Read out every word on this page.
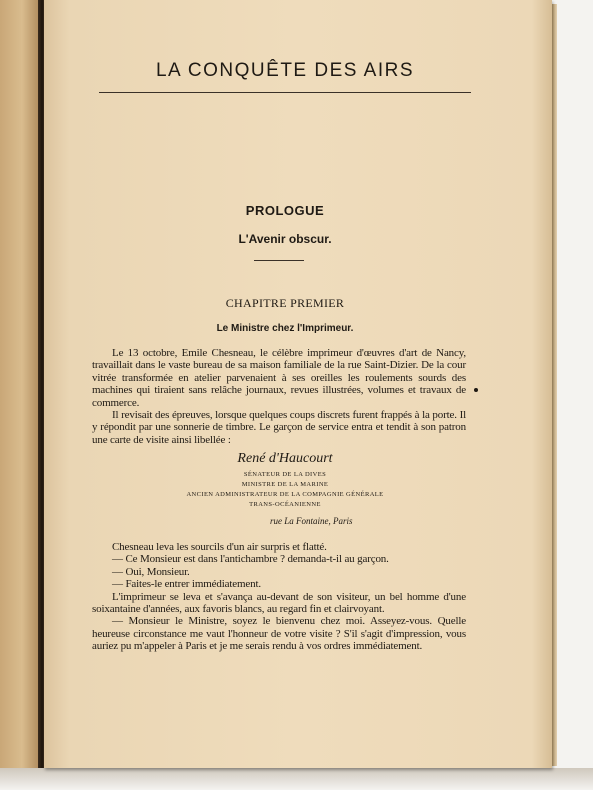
LA CONQUÊTE DES AIRS
PROLOGUE
L'Avenir obscur.
CHAPITRE PREMIER
Le Ministre chez l'Imprimeur.

Le 13 octobre, Emile Chesneau, le célèbre imprimeur d'œuvres d'art de Nancy, travaillait dans le vaste bureau de sa maison familiale de la rue Saint-Dizier. De la cour vitrée transformée en atelier parvenaient à ses oreilles les roulements sourds des machines qui tiraient sans relâche journaux, revues illustrées, volumes et travaux de commerce.

Il revisait des épreuves, lorsque quelques coups discrets furent frappés à la porte. Il y répondit par une sonnerie de timbre. Le garçon de service entra et tendit à son patron une carte de visite ainsi libellée :

René d'Haucourt
SÉNATEUR DE LA DIVES
MINISTRE DE LA MARINE
ANCIEN ADMINISTRATEUR DE LA COMPAGNIE GÉNÉRALE
TRANS-OCÉANIENNE
rue La Fontaine, Paris

Chesneau leva les sourcils d'un air surpris et flatté.

— Ce Monsieur est dans l'antichambre ? demanda-t-il au garçon.

— Oui, Monsieur.

— Faites-le entrer immédiatement.

L'imprimeur se leva et s'avança au-devant de son visiteur, un bel homme d'une soixantaine d'années, aux favoris blancs, au regard fin et clairvoyant.

— Monsieur le Ministre, soyez le bienvenu chez moi. Asseyez-vous. Quelle heureuse circonstance me vaut l'honneur de votre visite ? S'il s'agit d'impression, vous auriez pu m'appeler à Paris et je me serais rendu à vos ordres immédiatement.
